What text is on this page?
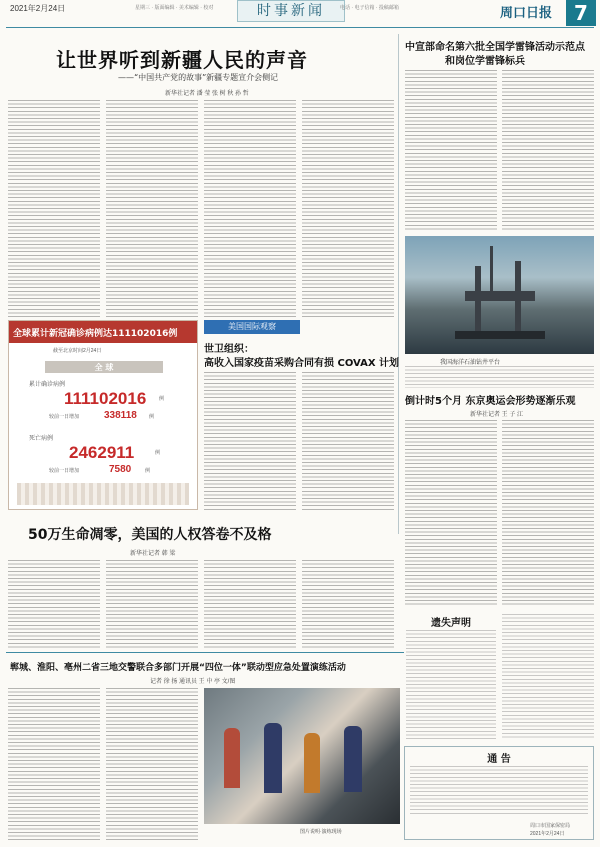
2021年2月24日	星期三 · 版面编辑 · 美术编辑 · 校对	时事新闻	电话 · 电子信箱 · 投稿邮箱	周口日报	7
让世界听到新疆人民的声音
——“中国共产党的故事”新疆专题宣介会侧记
新华社记者 潘 莹 张 树 秋 孙 哲
中宣部命名第六批全国学雷锋活动示范点
和岗位学雷锋标兵
我国海洋石油钻井平台
全球累计新冠确诊病例达111102016例
截至北京时间2月24日
全 球
累计确诊病例
111102016	例
较前一日增加 338118 例
死亡病例
2462911	例
较前一日增加	7580	例
美国国际观察
世卫组织：
高收入国家疫苗采购合同有损 COVAX 计划
倒计时5个月 东京奥运会形势逐渐乐观
新华社记者 王 子 江
50万生命凋零，美国的人权答卷不及格
新华社记者 韩 梁
郸城、淮阳、亳州二省三地交警联合多部门开展“四位一体”联动型应急处置演练活动
记者 徐 扬 通讯员 王 中 亭 文/图
图片说明·演练现场
遗失声明
通 告
周口市国家保密局
2021年2月24日
